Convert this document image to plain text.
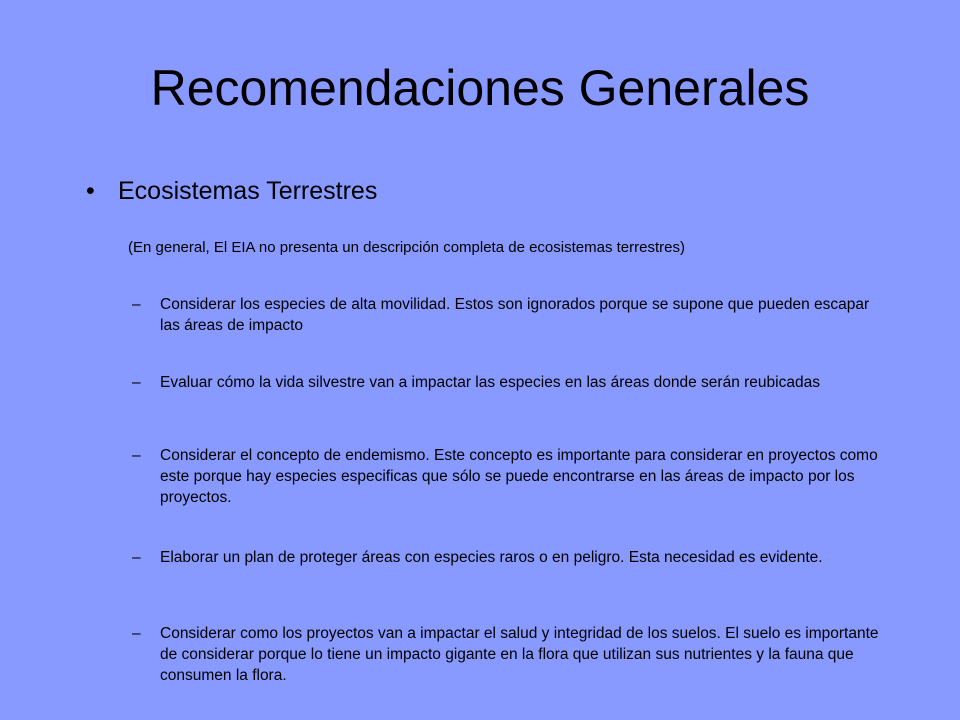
Recomendaciones Generales
• Ecosistemas Terrestres
(En general, El EIA no presenta un descripción completa de ecosistemas terrestres)
–	Considerar los especies de alta movilidad. Estos son ignorados porque se supone que pueden escapar las áreas de impacto
–	Evaluar cómo la vida silvestre van a impactar las especies en las áreas donde serán reubicadas
–	Considerar el concepto de endemismo. Este concepto es importante para considerar en proyectos como este porque hay especies especificas que sólo se puede encontrarse en las áreas de impacto por los proyectos.
–	Elaborar un plan de proteger áreas con especies raros o en peligro. Esta necesidad es evidente.
–	Considerar como los proyectos van a impactar el salud y integridad de los suelos. El suelo es importante de considerar porque lo tiene un impacto gigante en la flora que utilizan sus nutrientes y la fauna que consumen la flora.
